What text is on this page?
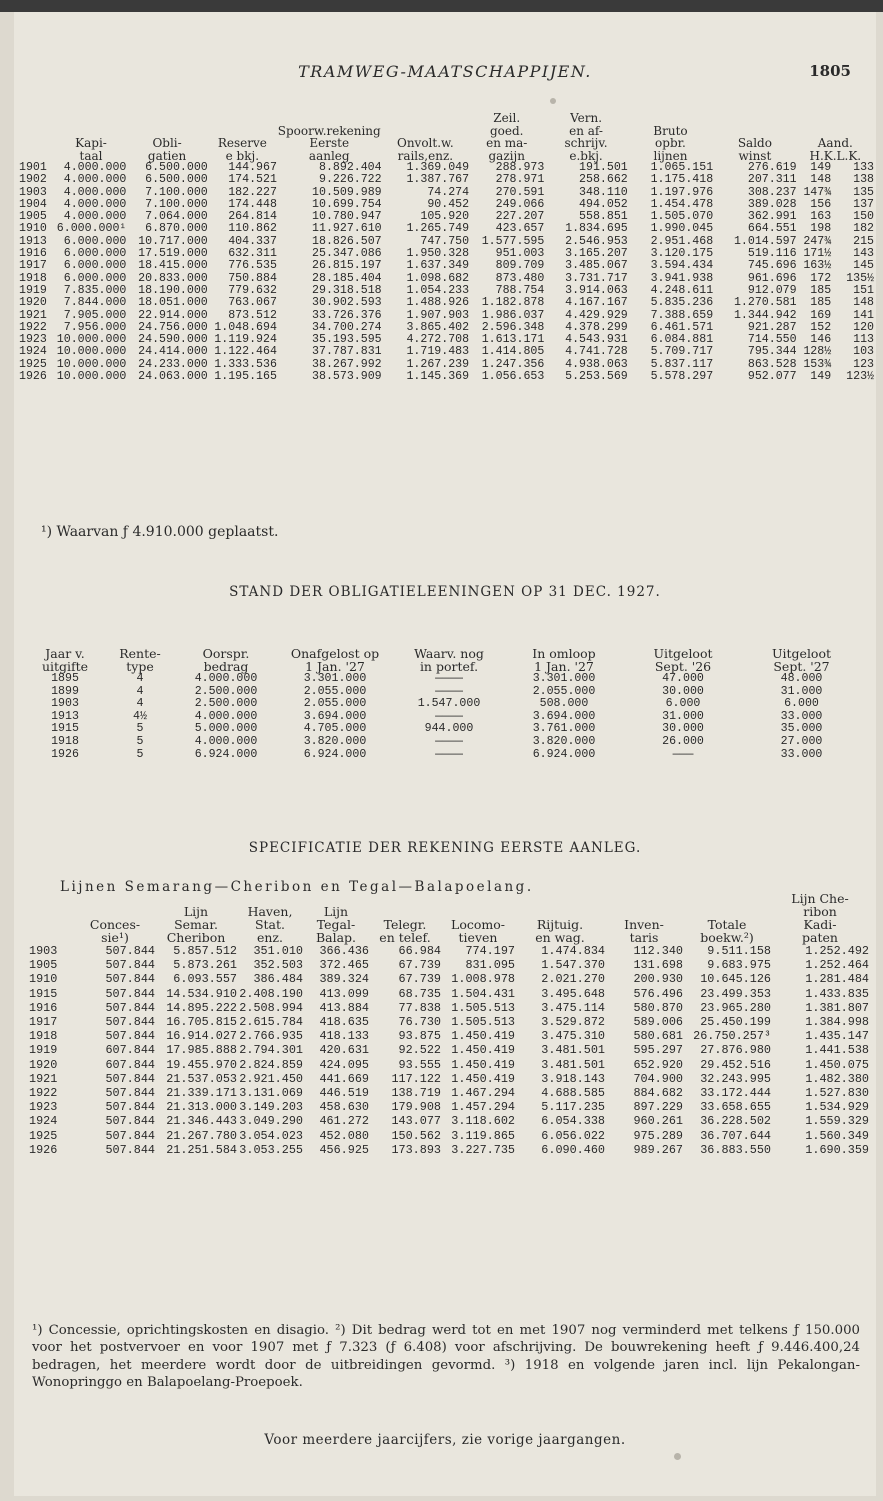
TRAMWEG-MAATSCHAPPIJEN.	1805
	Kapi-
taal	Obli-
gatien	Reserve
e bkj.	Spoorw.rekening
Eerste
aanleg	Onvolt.w.
rails,enz.	Zeil.
goed.
en ma-
gazijn	Vern.
en af-
schrijv.
e.bkj.	Bruto
opbr.
lijnen	Saldo
winst	Aand.
H.K.L.K.	
1901	4.000.000	6.500.000	144.967	8.892.404	1.369.049	288.973	191.501	1.065.151	276.619	149	133
1902	4.000.000	6.500.000	174.521	9.226.722	1.387.767	278.971	258.662	1.175.418	207.311	148	138
1903	4.000.000	7.100.000	182.227	10.509.989	74.274	270.591	348.110	1.197.976	308.237	147¾	135
1904	4.000.000	7.100.000	174.448	10.699.754	90.452	249.066	494.052	1.454.478	389.028	156	137
1905	4.000.000	7.064.000	264.814	10.780.947	105.920	227.207	558.851	1.505.070	362.991	163	150
1910	6.000.000¹	6.870.000	110.862	11.927.610	1.265.749	423.657	1.834.695	1.990.045	664.551	198	182
1913	6.000.000	10.717.000	404.337	18.826.507	747.750	1.577.595	2.546.953	2.951.468	1.014.597	247¾	215
1916	6.000.000	17.519.000	632.311	25.347.086	1.950.328	951.003	3.165.207	3.120.175	519.116	171½	143
1917	6.000.000	18.415.000	776.535	26.815.197	1.637.349	809.709	3.485.067	3.594.434	745.696	163½	145
1918	6.000.000	20.833.000	750.884	28.185.404	1.098.682	873.480	3.731.717	3.941.938	961.696	172	135½
1919	7.835.000	18.190.000	779.632	29.318.518	1.054.233	788.754	3.914.063	4.248.611	912.079	185	151
1920	7.844.000	18.051.000	763.067	30.902.593	1.488.926	1.182.878	4.167.167	5.835.236	1.270.581	185	148
1921	7.905.000	22.914.000	873.512	33.726.376	1.907.903	1.986.037	4.429.929	7.388.659	1.344.942	169	141
1922	7.956.000	24.756.000	1.048.694	34.700.274	3.865.402	2.596.348	4.378.299	6.461.571	921.287	152	120
1923	10.000.000	24.590.000	1.119.924	35.193.595	4.272.708	1.613.171	4.543.931	6.084.881	714.550	146	113
1924	10.000.000	24.414.000	1.122.464	37.787.831	1.719.483	1.414.805	4.741.728	5.709.717	795.344	128½	103
1925	10.000.000	24.233.000	1.333.536	38.267.992	1.267.239	1.247.356	4.938.063	5.837.117	863.528	153¾	123
1926	10.000.000	24.063.000	1.195.165	38.573.909	1.145.369	1.056.653	5.253.569	5.578.297	952.077	149	123½
¹) Waarvan ƒ 4.910.000 geplaatst.
STAND DER OBLIGATIELEENINGEN OP 31 DEC. 1927.
Jaar v.
uitgifte	Rente-
type	Oorspr.
bedrag	Onafgelost op
1 Jan. '27	Waarv. nog
in portef.	In omloop
1 Jan. '27	Uitgeloot
Sept. '26	Uitgeloot
Sept. '27
1895	4	4.000.000	3.301.000	————	3.301.000	47.000	48.000
1899	4	2.500.000	2.055.000	————	2.055.000	30.000	31.000
1903	4	2.500.000	2.055.000	1.547.000	508.000	6.000	6.000
1913	4½	4.000.000	3.694.000	————	3.694.000	31.000	33.000
1915	5	5.000.000	4.705.000	944.000	3.761.000	30.000	35.000
1918	5	4.000.000	3.820.000	————	3.820.000	26.000	27.000
1926	5	6.924.000	6.924.000	————	6.924.000	———	33.000
SPECIFICATIE DER REKENING EERSTE AANLEG.
Lijnen Semarang—Cheribon en Tegal—Balapoelang.
	Conces-
sie¹)	Lijn
Semar.
Cheribon	Haven,
Stat.
enz.	Lijn
Tegal-
Balap.	Telegr.
en telef.	Locomo-
tieven	Rijtuig.
en wag.	Inven-
taris	Totale
boekw.²)	Lijn Che-
ribon
Kadi-
paten
1903	507.844	5.857.512	351.010	366.436	66.984	774.197	1.474.834	112.340	9.511.158	1.252.492
1905	507.844	5.873.261	352.503	372.465	67.739	831.095	1.547.370	131.698	9.683.975	1.252.464
1910	507.844	6.093.557	386.484	389.324	67.739	1.008.978	2.021.270	200.930	10.645.126	1.281.484
1915	507.844	14.534.910	2.408.190	413.099	68.735	1.504.431	3.495.648	576.496	23.499.353	1.433.835
1916	507.844	14.895.222	2.508.994	413.884	77.838	1.505.513	3.475.114	580.870	23.965.280	1.381.807
1917	507.844	16.705.815	2.615.784	418.635	76.730	1.505.513	3.529.872	589.006	25.450.199	1.384.998
1918	507.844	16.914.027	2.766.935	418.133	93.875	1.450.419	3.475.310	580.681	26.750.257³	1.435.147
1919	607.844	17.985.888	2.794.301	420.631	92.522	1.450.419	3.481.501	595.297	27.876.980	1.441.538
1920	607.844	19.455.970	2.824.859	424.095	93.555	1.450.419	3.481.501	652.920	29.452.516	1.450.075
1921	507.844	21.537.053	2.921.450	441.669	117.122	1.450.419	3.918.143	704.900	32.243.995	1.482.380
1922	507.844	21.339.171	3.131.069	446.519	138.719	1.467.294	4.688.585	884.682	33.172.444	1.527.830
1923	507.844	21.313.000	3.149.203	458.630	179.908	1.457.294	5.117.235	897.229	33.658.655	1.534.929
1924	507.844	21.346.443	3.049.290	461.272	143.077	3.118.602	6.054.338	960.261	36.228.502	1.559.329
1925	507.844	21.267.780	3.054.023	452.080	150.562	3.119.865	6.056.022	975.289	36.707.644	1.560.349
1926	507.844	21.251.584	3.053.255	456.925	173.893	3.227.735	6.090.460	989.267	36.883.550	1.690.359
¹) Concessie, oprichtingskosten en disagio. ²) Dit bedrag werd tot en met 1907 nog verminderd met telkens ƒ 150.000 voor het postvervoer en voor 1907 met ƒ 7.323 (ƒ 6.408) voor afschrijving. De bouwrekening heeft ƒ 9.446.400,24 bedragen, het meerdere wordt door de uitbreidingen gevormd. ³) 1918 en volgende jaren incl. lijn Pekalongan-Wonopringgo en Balapoelang-Proepoek.
Voor meerdere jaarcijfers, zie vorige jaargangen.
